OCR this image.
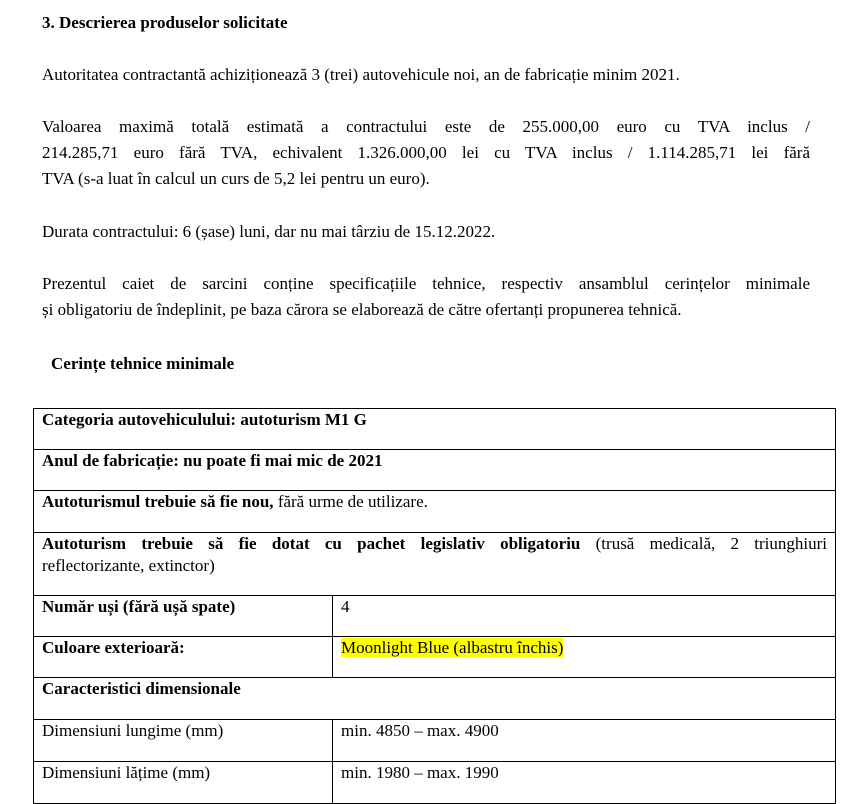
3. Descrierea produselor solicitate
Autoritatea contractantă achiziționează 3 (trei) autovehicule noi, an de fabricație minim 2021.
Valoarea maximă totală estimată a contractului este de 255.000,00 euro cu TVA inclus /
214.285,71 euro fără TVA, echivalent 1.326.000,00 lei cu TVA inclus / 1.114.285,71 lei fără
TVA (s-a luat în calcul un curs de 5,2 lei pentru un euro).
Durata contractului: 6 (șase) luni, dar nu mai târziu de 15.12.2022.
Prezentul caiet de sarcini conține specificațiile tehnice, respectiv ansamblul cerințelor minimale
și obligatoriu de îndeplinit, pe baza cărora se elaborează de către ofertanți propunerea tehnică.
Cerințe tehnice minimale
Categoria autovehiculului: autoturism M1 G	
Anul de fabricație: nu poate fi mai mic de 2021	
Autoturismul trebuie să fie nou, fără urme de utilizare.	

Autoturism trebuie să fie dotat cu pachet legislativ obligatoriu (trusă medicală, 2 triunghiuri
reflectorizante, extinctor)	
Număr uși (fără ușă spate)	4
Culoare exterioară:	Moonlight Blue (albastru închis)
Caracteristici dimensionale	
Dimensiuni lungime (mm)	min. 4850 – max. 4900
Dimensiuni lățime (mm)	min. 1980 – max. 1990
